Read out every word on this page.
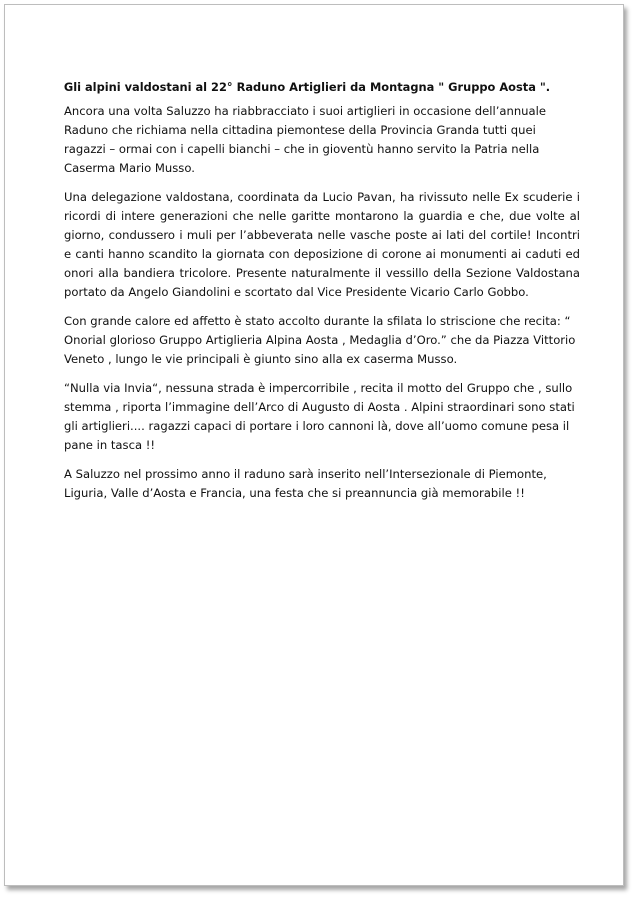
Gli alpini valdostani al 22° Raduno Artiglieri da Montagna " Gruppo Aosta ".

Ancora una volta Saluzzo ha riabbracciato i suoi artiglieri in occasione dell’annuale Raduno che richiama nella cittadina piemontese della Provincia Granda tutti quei ragazzi – ormai con i capelli bianchi – che in gioventù hanno servito la Patria nella Caserma Mario Musso.

Una delegazione valdostana, coordinata da Lucio Pavan, ha rivissuto nelle Ex scuderie i ricordi di intere generazioni che nelle garitte montarono la guardia e che, due volte al giorno, condussero i muli per l’abbeverata nelle vasche poste ai lati del cortile! Incontri e canti hanno scandito la giornata con deposizione di corone ai monumenti ai caduti ed onori alla bandiera tricolore. Presente naturalmente il vessillo della Sezione Valdostana portato da Angelo Giandolini e scortato dal Vice Presidente Vicario Carlo Gobbo.

Con grande calore ed affetto è stato accolto durante la sfilata lo striscione che recita: “ Onorial glorioso Gruppo Artiglieria Alpina Aosta , Medaglia d’Oro.” che da Piazza Vittorio Veneto , lungo le vie principali è giunto sino alla ex caserma Musso.

“Nulla via Invia“, nessuna strada è impercorribile , recita il motto del Gruppo che , sullo stemma , riporta l’immagine dell’Arco di Augusto di Aosta . Alpini straordinari sono stati gli artiglieri.... ragazzi capaci di portare i loro cannoni là, dove all’uomo comune pesa il pane in tasca !!

A Saluzzo nel prossimo anno il raduno sarà inserito nell’Intersezionale di Piemonte, Liguria, Valle d’Aosta e Francia, una festa che si preannuncia già memorabile !!
